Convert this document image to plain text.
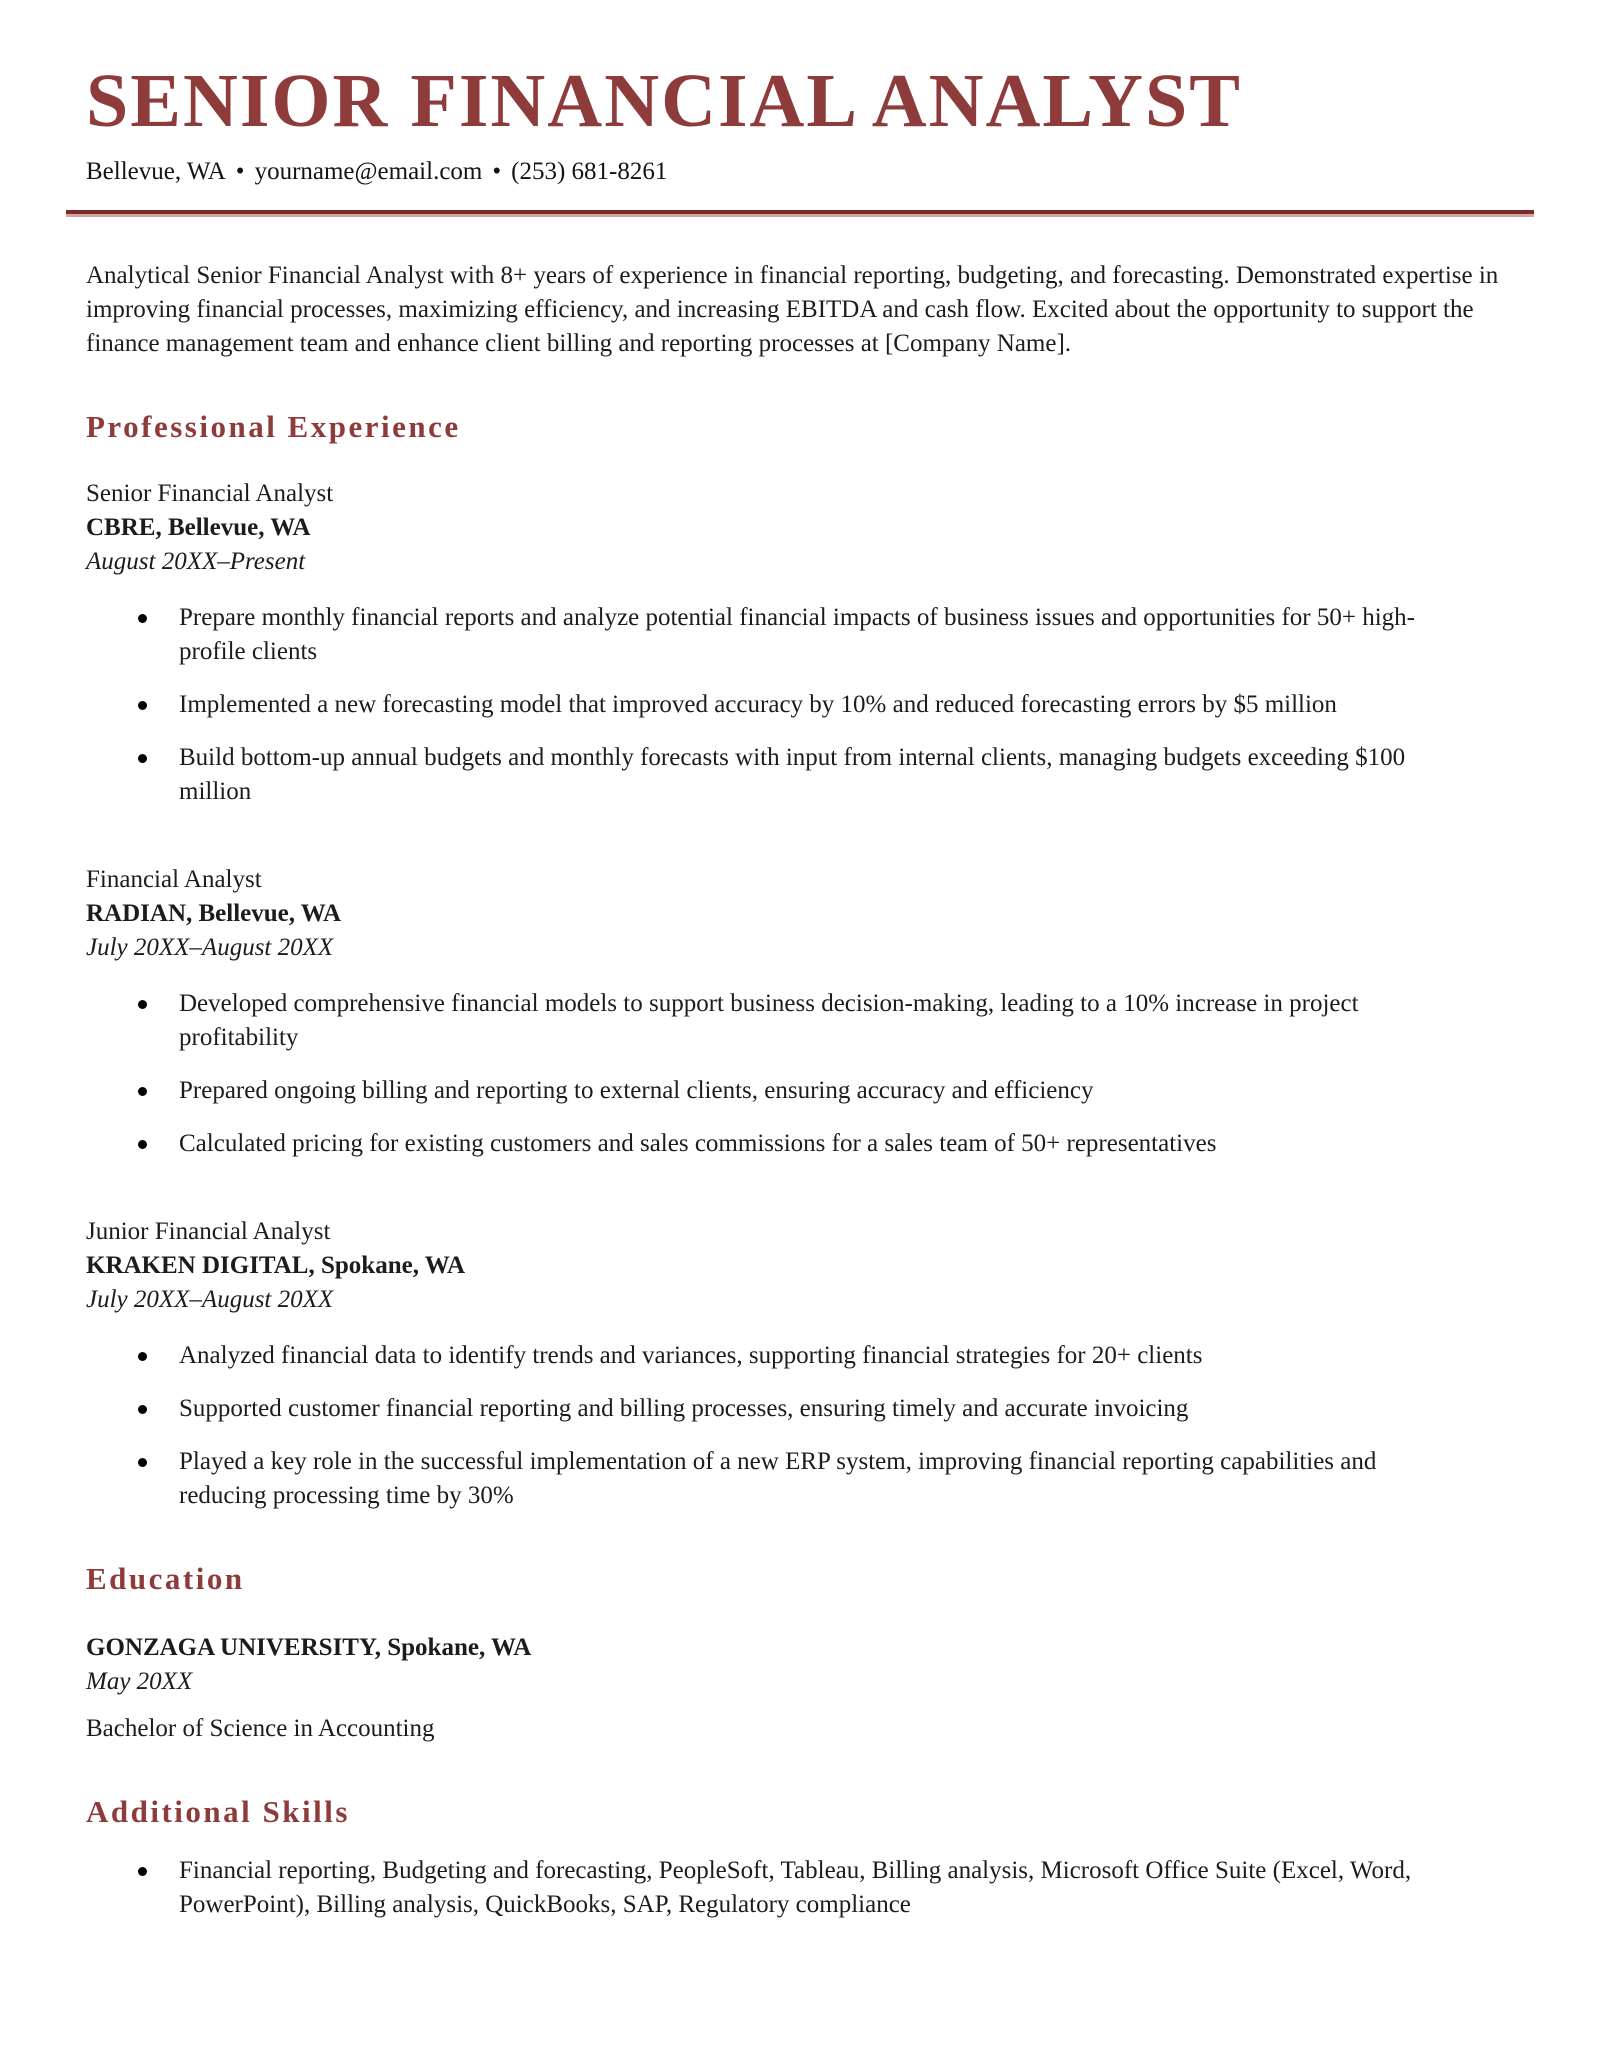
SENIOR FINANCIAL ANALYST
Bellevue, WA • yourname@email.com • (253) 681-8261

Analytical Senior Financial Analyst with 8+ years of experience in financial reporting, budgeting, and forecasting. Demonstrated expertise in improving financial processes, maximizing efficiency, and increasing EBITDA and cash flow. Excited about the opportunity to support the finance management team and enhance client billing and reporting processes at [Company Name].

Professional Experience
Senior Financial Analyst
CBRE, Bellevue, WA
August 20XX–Present
Prepare monthly financial reports and analyze potential financial impacts of business issues and opportunities for 50+ high-profile clients
Implemented a new forecasting model that improved accuracy by 10% and reduced forecasting errors by $5 million
Build bottom-up annual budgets and monthly forecasts with input from internal clients, managing budgets exceeding $100 million
Financial Analyst
RADIAN, Bellevue, WA
July 20XX–August 20XX
Developed comprehensive financial models to support business decision-making, leading to a 10% increase in project profitability
Prepared ongoing billing and reporting to external clients, ensuring accuracy and efficiency
Calculated pricing for existing customers and sales commissions for a sales team of 50+ representatives
Junior Financial Analyst
KRAKEN DIGITAL, Spokane, WA
July 20XX–August 20XX
Analyzed financial data to identify trends and variances, supporting financial strategies for 20+ clients
Supported customer financial reporting and billing processes, ensuring timely and accurate invoicing
Played a key role in the successful implementation of a new ERP system, improving financial reporting capabilities and reducing processing time by 30%
Education
GONZAGA UNIVERSITY, Spokane, WA
May 20XX
Bachelor of Science in Accounting
Additional Skills
Financial reporting, Budgeting and forecasting, PeopleSoft, Tableau, Billing analysis, Microsoft Office Suite (Excel, Word, PowerPoint), Billing analysis, QuickBooks, SAP, Regulatory compliance
